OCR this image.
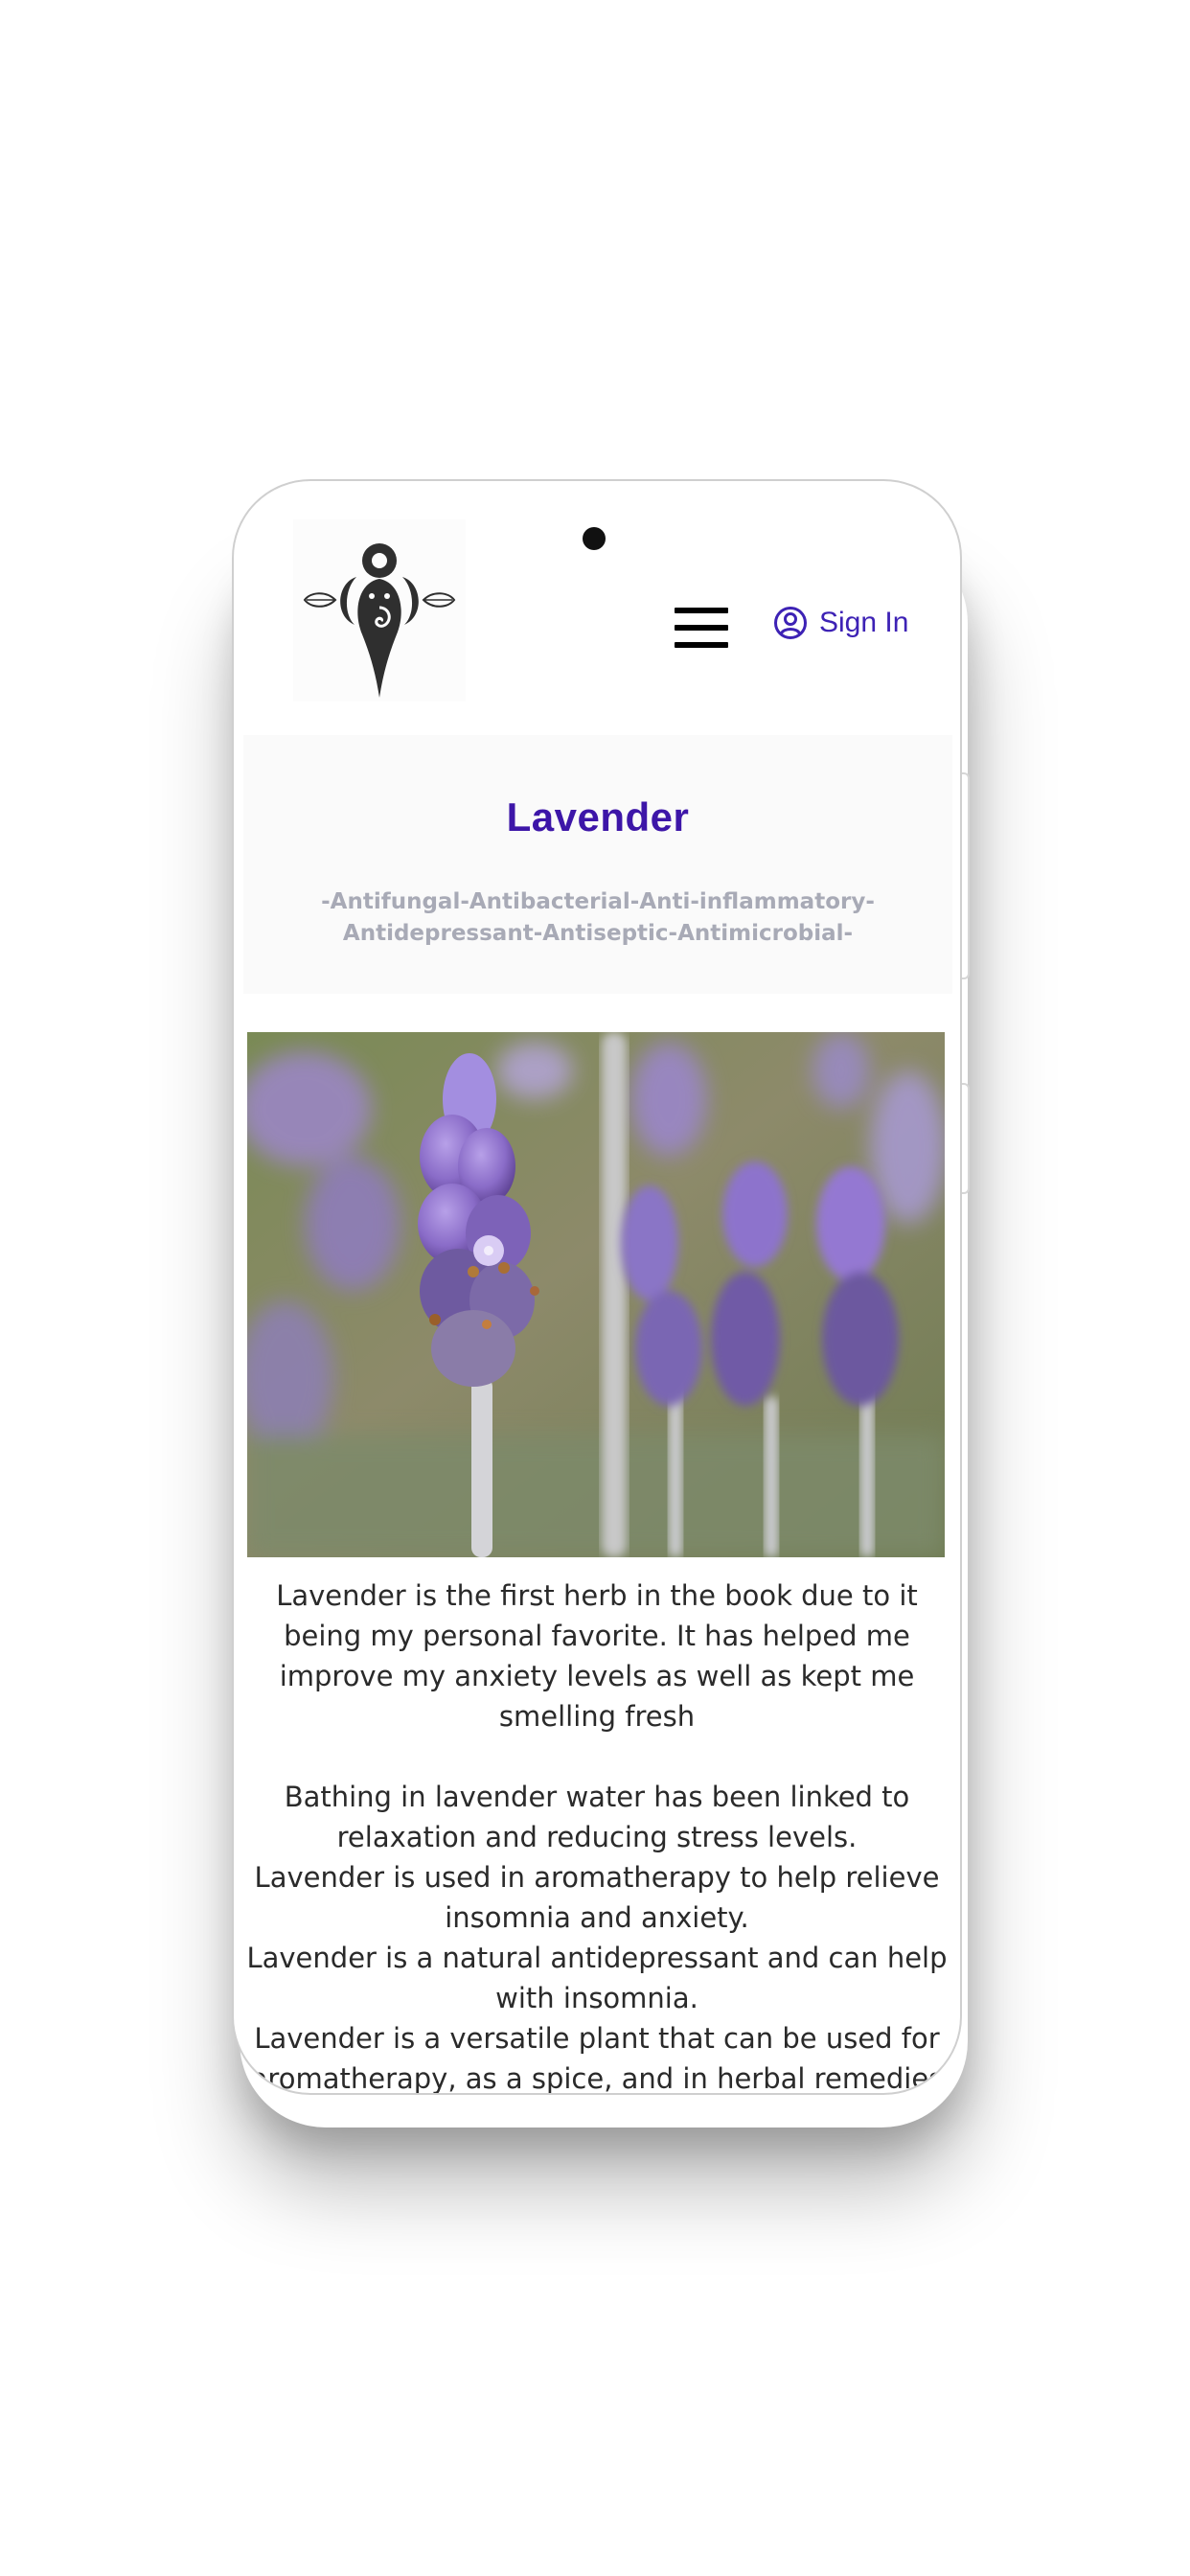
Sign In
Lavender
-Antifungal-Antibacterial-Anti-inflammatory-
Antidepressant-Antiseptic-Antimicrobial-

Lavender is the first herb in the book due to it being my personal favorite. It has helped me improve my anxiety levels as well as kept me smelling fresh

Bathing in lavender water has been linked to relaxation and reducing stress levels.

Lavender is used in aromatherapy to help relieve insomnia and anxiety.

Lavender is a natural antidepressant and can help with insomnia.

Lavender is a versatile plant that can be used for aromatherapy, as a spice, and in herbal remedies
